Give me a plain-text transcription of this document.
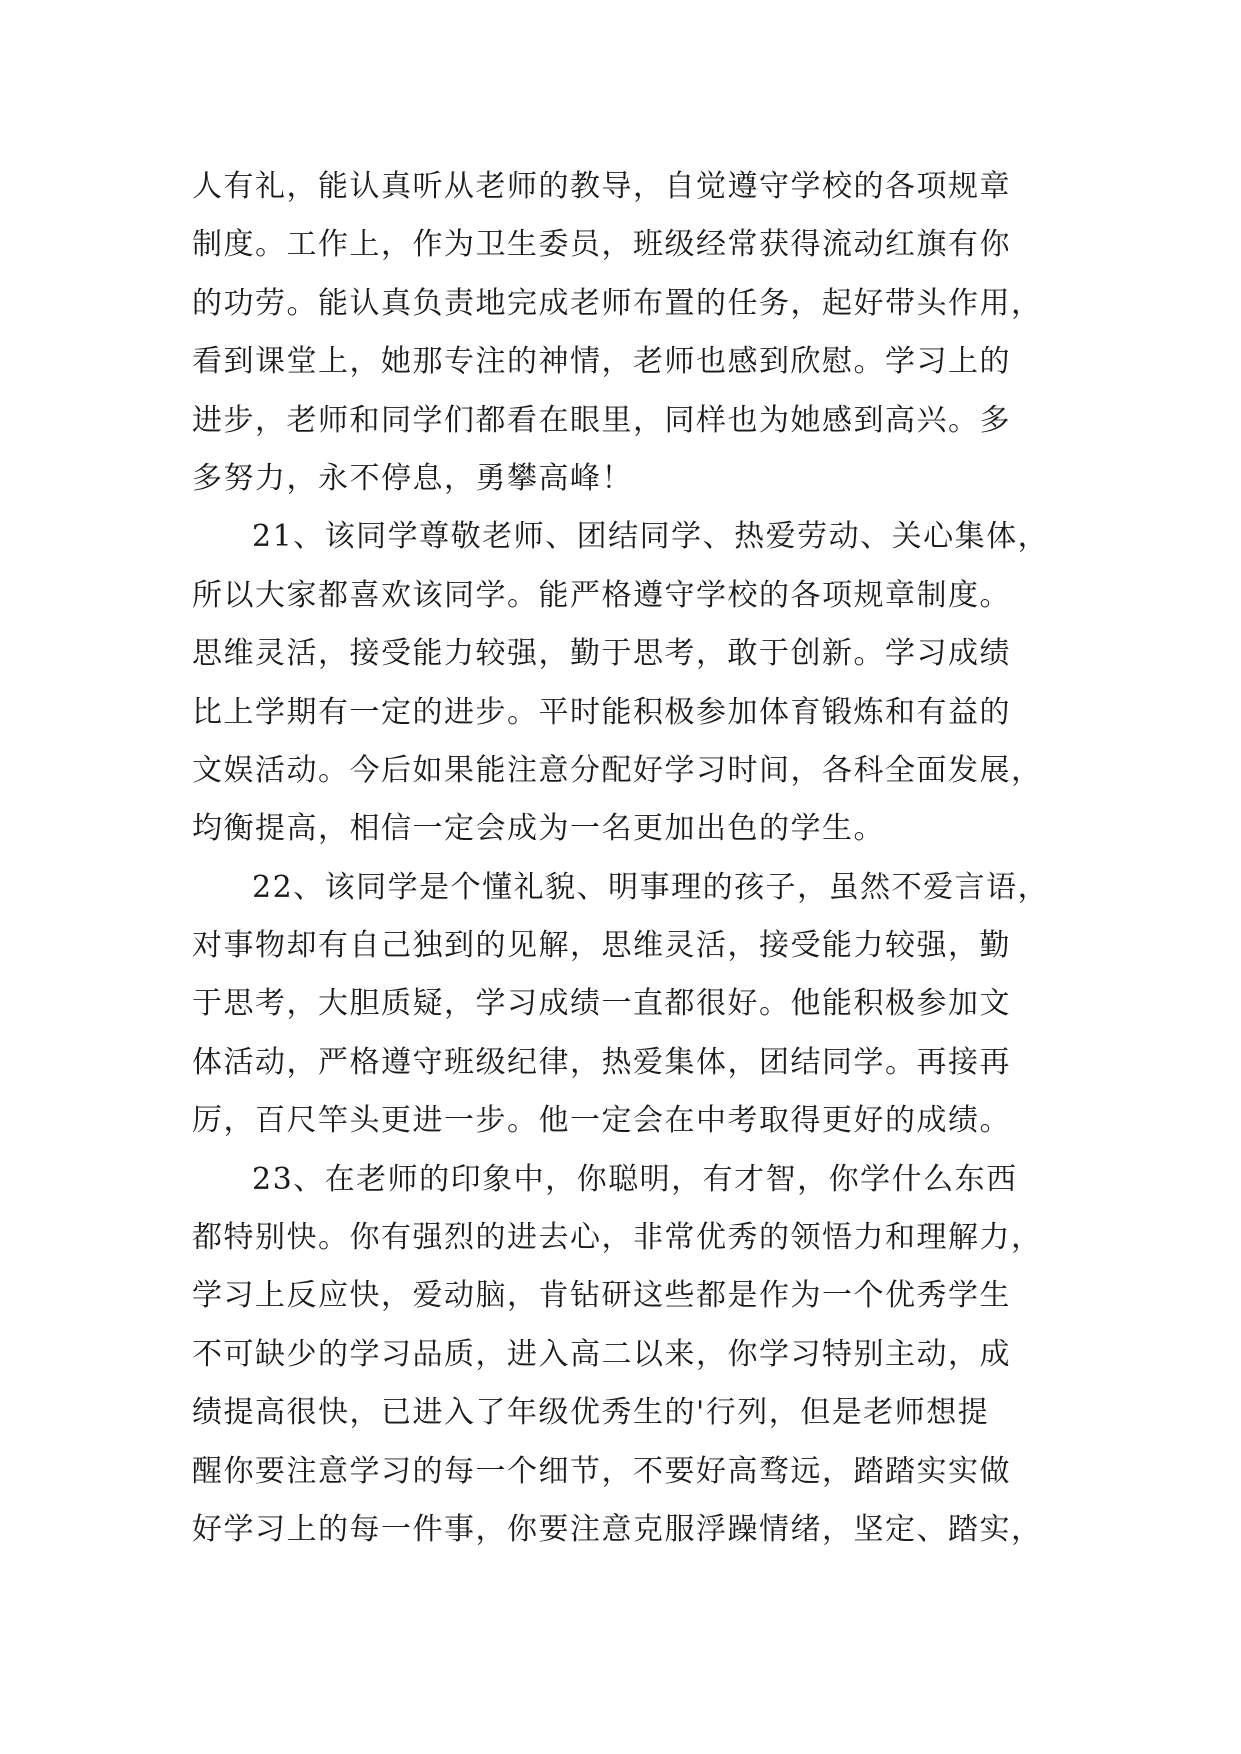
人有礼，能认真听从老师的教导，自觉遵守学校的各项规章
制度。工作上，作为卫生委员，班级经常获得流动红旗有你
的功劳。能认真负责地完成老师布置的任务，起好带头作用，
看到课堂上，她那专注的神情，老师也感到欣慰。学习上的
进步，老师和同学们都看在眼里，同样也为她感到高兴。多
多努力，永不停息，勇攀高峰！
21、该同学尊敬老师、团结同学、热爱劳动、关心集体，
所以大家都喜欢该同学。能严格遵守学校的各项规章制度。
思维灵活，接受能力较强，勤于思考，敢于创新。学习成绩
比上学期有一定的进步。平时能积极参加体育锻炼和有益的
文娱活动。今后如果能注意分配好学习时间，各科全面发展，
均衡提高，相信一定会成为一名更加出色的学生。
22、该同学是个懂礼貌、明事理的孩子，虽然不爱言语，
对事物却有自己独到的见解，思维灵活，接受能力较强，勤
于思考，大胆质疑，学习成绩一直都很好。他能积极参加文
体活动，严格遵守班级纪律，热爱集体，团结同学。再接再
厉，百尺竿头更进一步。他一定会在中考取得更好的成绩。
23、在老师的印象中，你聪明，有才智，你学什么东西
都特别快。你有强烈的进去心，非常优秀的领悟力和理解力，
学习上反应快，爱动脑，肯钻研这些都是作为一个优秀学生
不可缺少的学习品质，进入高二以来，你学习特别主动，成
绩提高很快，已进入了年级优秀生的'行列，但是老师想提
醒你要注意学习的每一个细节，不要好高骛远，踏踏实实做
好学习上的每一件事，你要注意克服浮躁情绪，坚定、踏实，
